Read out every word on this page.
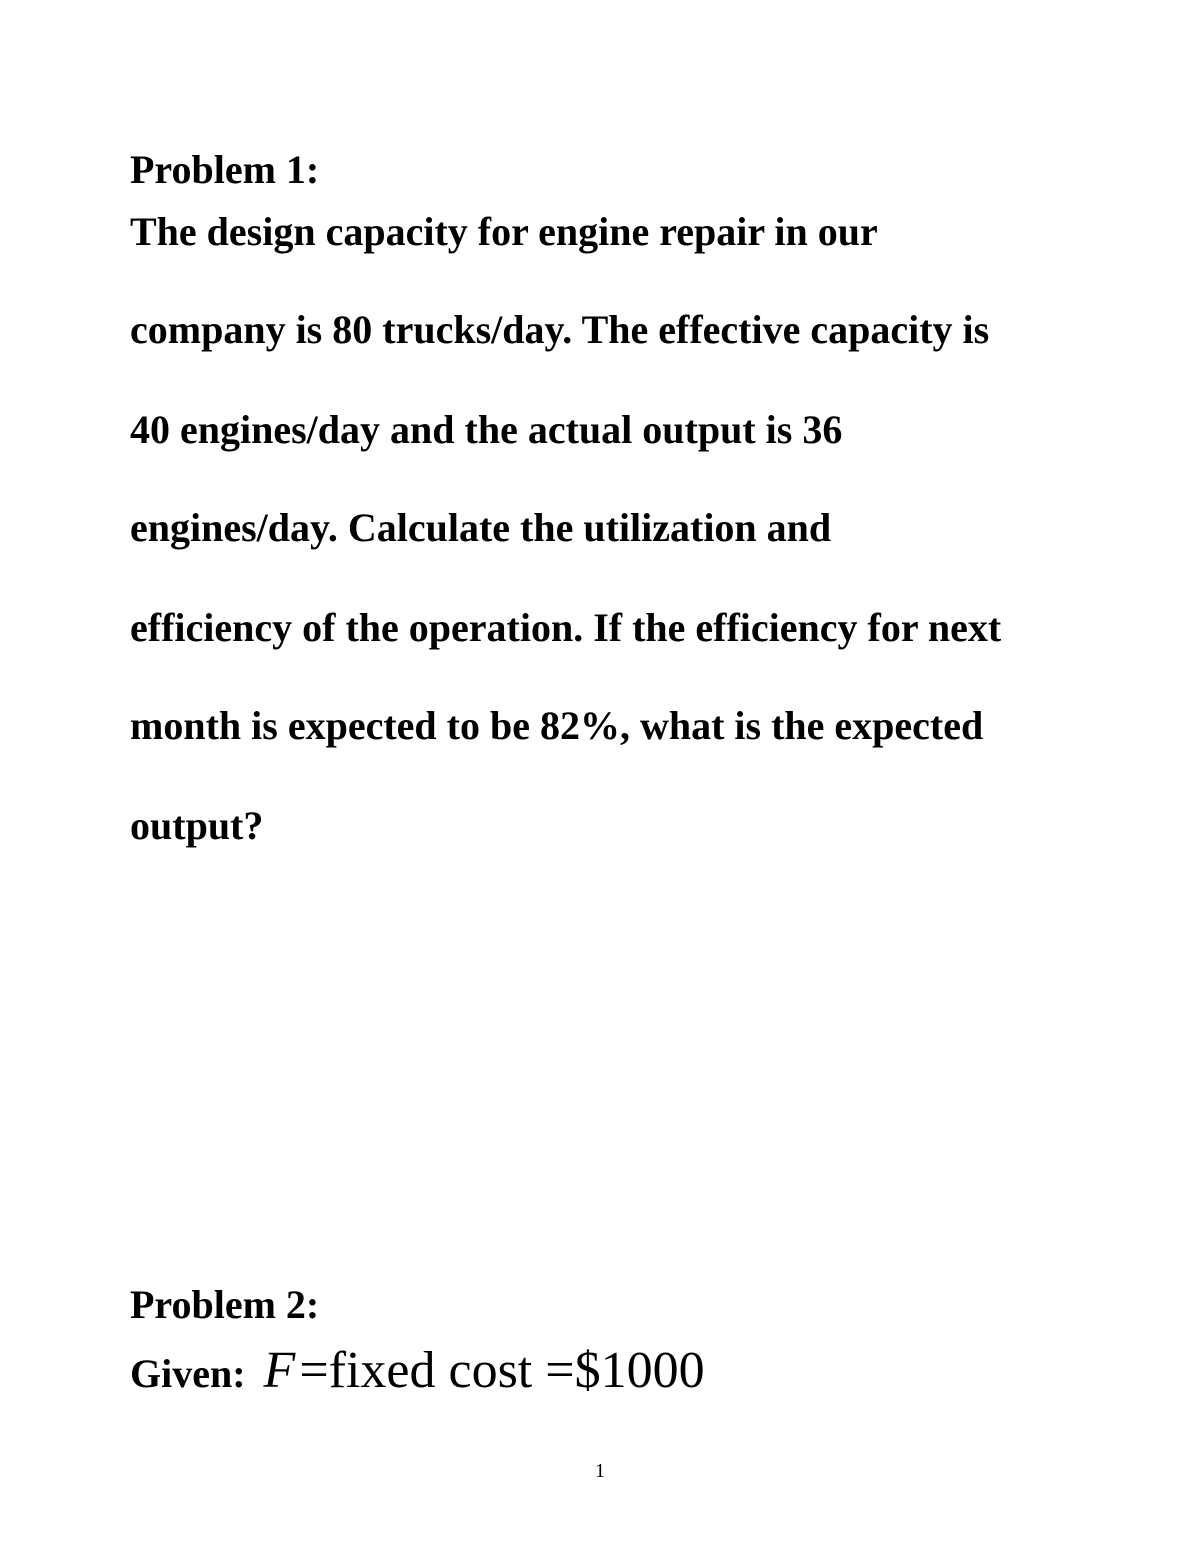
Problem 1:
The design capacity for engine repair in our
company is 80 trucks/day. The effective capacity is
40 engines/day and the actual output is 36
engines/day. Calculate the utilization and
efficiency of the operation. If the efficiency for next
month is expected to be 82%, what is the expected
output?
Problem 2:
Given: F =fixed cost =$1000
1
